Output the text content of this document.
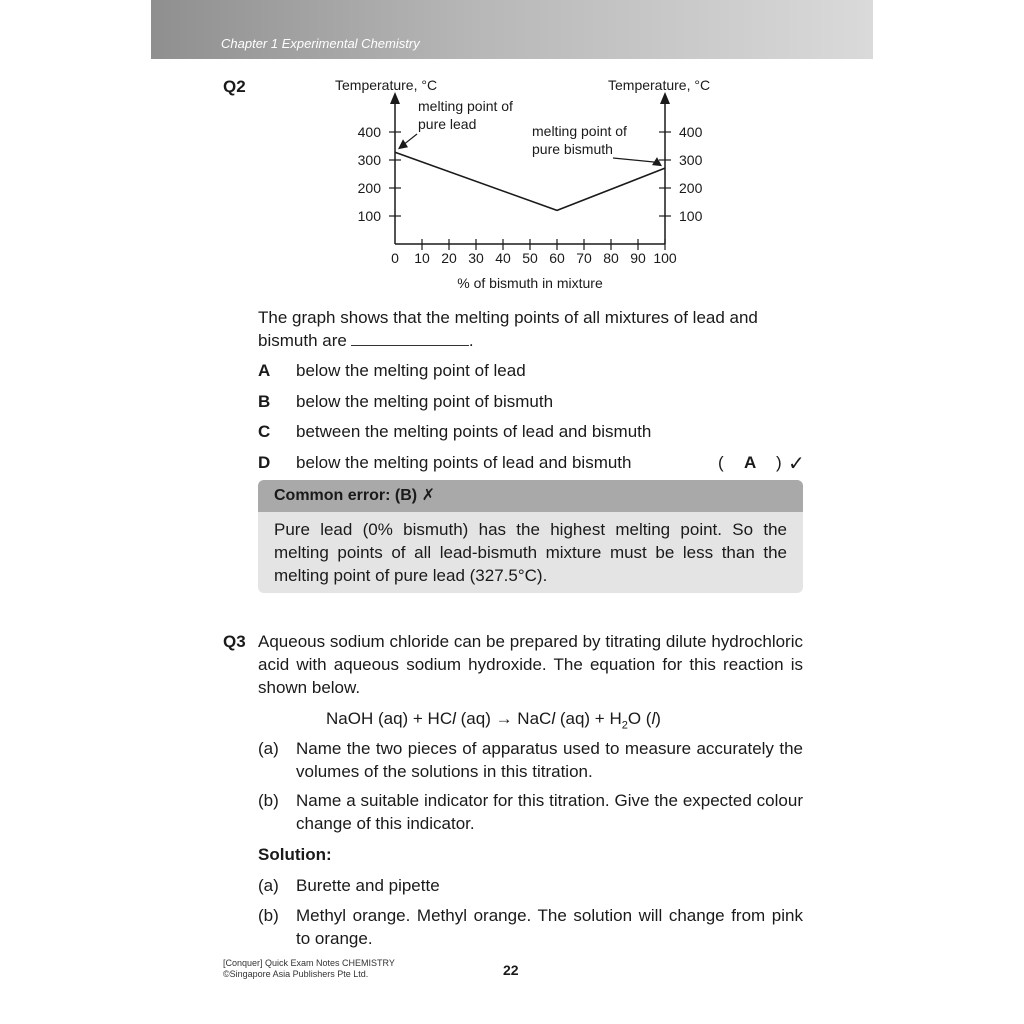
Chapter 1 Experimental Chemistry
Q2	Temperature, °C	Temperature, °C
% of bismuth in mixture
0 10 20 30 40 50 60 70 80 90 100
100	100
200	200
300	300
400	400
melting point of
pure lead	melting point of
pure bismuth
The graph shows that the melting points of all mixtures of lead and
bismuth are	.
A below the melting point of lead
B below the melting point of bismuth
C between the melting points of lead and bismuth
D below the melting points of lead and bismuth	( A ) ✓
Common error: (B) ✗
Pure lead (0% bismuth) has the highest melting point. So the melting points of all lead-bismuth mixture must be less than the melting point of pure lead (327.5°C).
Q3 Aqueous sodium chloride can be prepared by titrating dilute hydrochloric acid with aqueous sodium hydroxide. The equation for this reaction is shown below.
NaOH (aq) + HCl (aq) → NaCl $(aq) + H_2O$ (l)
(a) Name the two pieces of apparatus used to measure accurately the volumes of the solutions in this titration.
(b) Name a suitable indicator for this titration. Give the expected colour change of this indicator.
Solution:
(a) Burette and pipette
(b) Methyl orange. Methyl orange. The solution will change from pink to orange.
[Conquer] Quick Exam Notes CHEMISTRY
©Singapore Asia Publishers Pte Ltd.	22
